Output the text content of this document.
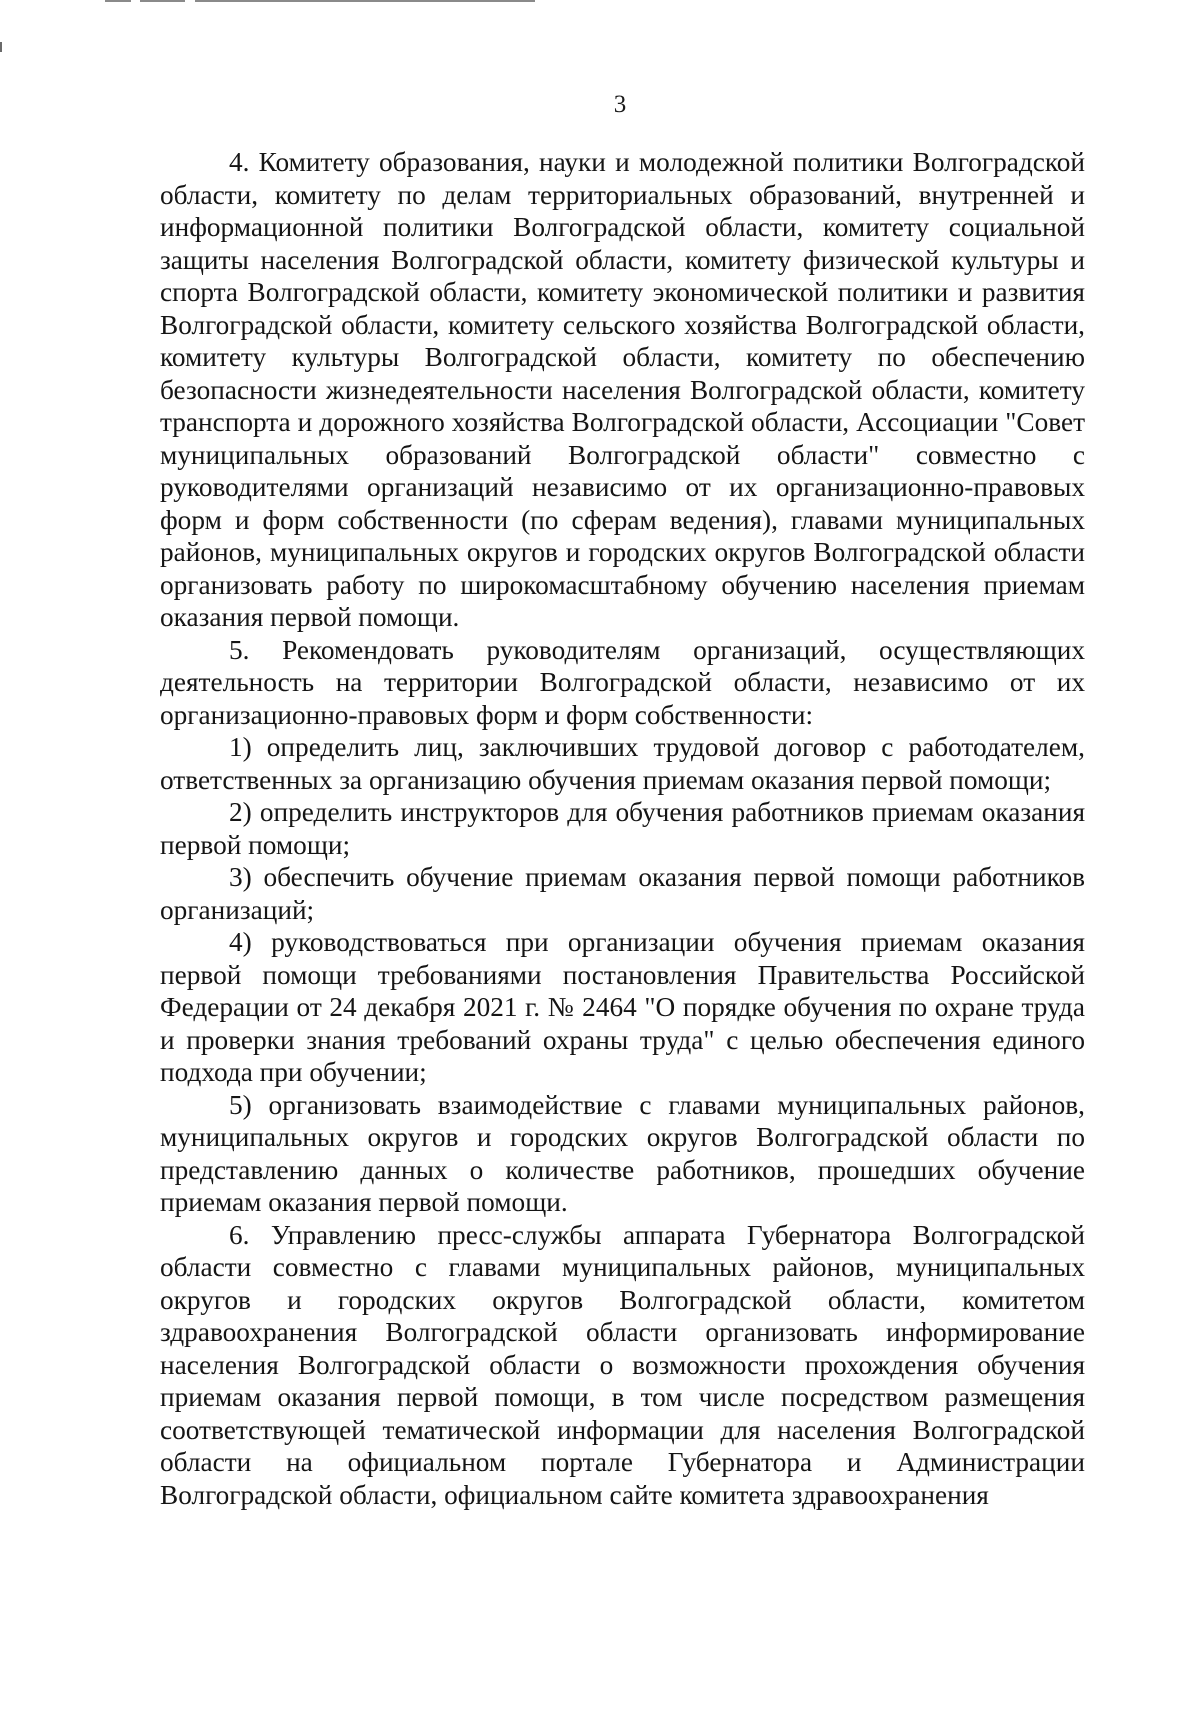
3

4. Комитету образования, науки и молодежной политики Волгоградской области, комитету по делам территориальных образований, внутренней и информационной политики Волгоградской области, комитету социальной защиты населения Волгоградской области, комитету физической культуры и спорта Волгоградской области, комитету экономической политики и развития Волгоградской области, комитету сельского хозяйства Волгоградской области, комитету культуры Волгоградской области, комитету по обеспечению безопасности жизнедеятельности населения Волгоградской области, комитету транспорта и дорожного хозяйства Волгоградской области, Ассоциации "Совет муниципальных образований Волгоградской области" совместно с руководителями организаций независимо от их организационно-правовых форм и форм собственности (по сферам ведения), главами муниципальных районов, муниципальных округов и городских округов Волгоградской области организовать работу по широкомасштабному обучению населения приемам оказания первой помощи.

5. Рекомендовать руководителям организаций, осуществляющих деятельность на территории Волгоградской области, независимо от их организационно-правовых форм и форм собственности:

1) определить лиц, заключивших трудовой договор с работодателем, ответственных за организацию обучения приемам оказания первой помощи;

2) определить инструкторов для обучения работников приемам оказания первой помощи;

3) обеспечить обучение приемам оказания первой помощи работников организаций;

4) руководствоваться при организации обучения приемам оказания первой помощи требованиями постановления Правительства Российской Федерации от 24 декабря 2021 г. № 2464 "О порядке обучения по охране труда и проверки знания требований охраны труда" с целью обеспечения единого подхода при обучении;

5) организовать взаимодействие с главами муниципальных районов, муниципальных округов и городских округов Волгоградской области по представлению данных о количестве работников, прошедших обучение приемам оказания первой помощи.

6. Управлению пресс-службы аппарата Губернатора Волгоградской области совместно с главами муниципальных районов, муниципальных округов и городских округов Волгоградской области, комитетом здравоохранения Волгоградской области организовать информирование населения Волгоградской области о возможности прохождения обучения приемам оказания первой помощи, в том числе посредством размещения соответствующей тематической информации для населения Волгоградской области на официальном портале Губернатора и Администрации Волгоградской области, официальном сайте комитета здравоохранения
